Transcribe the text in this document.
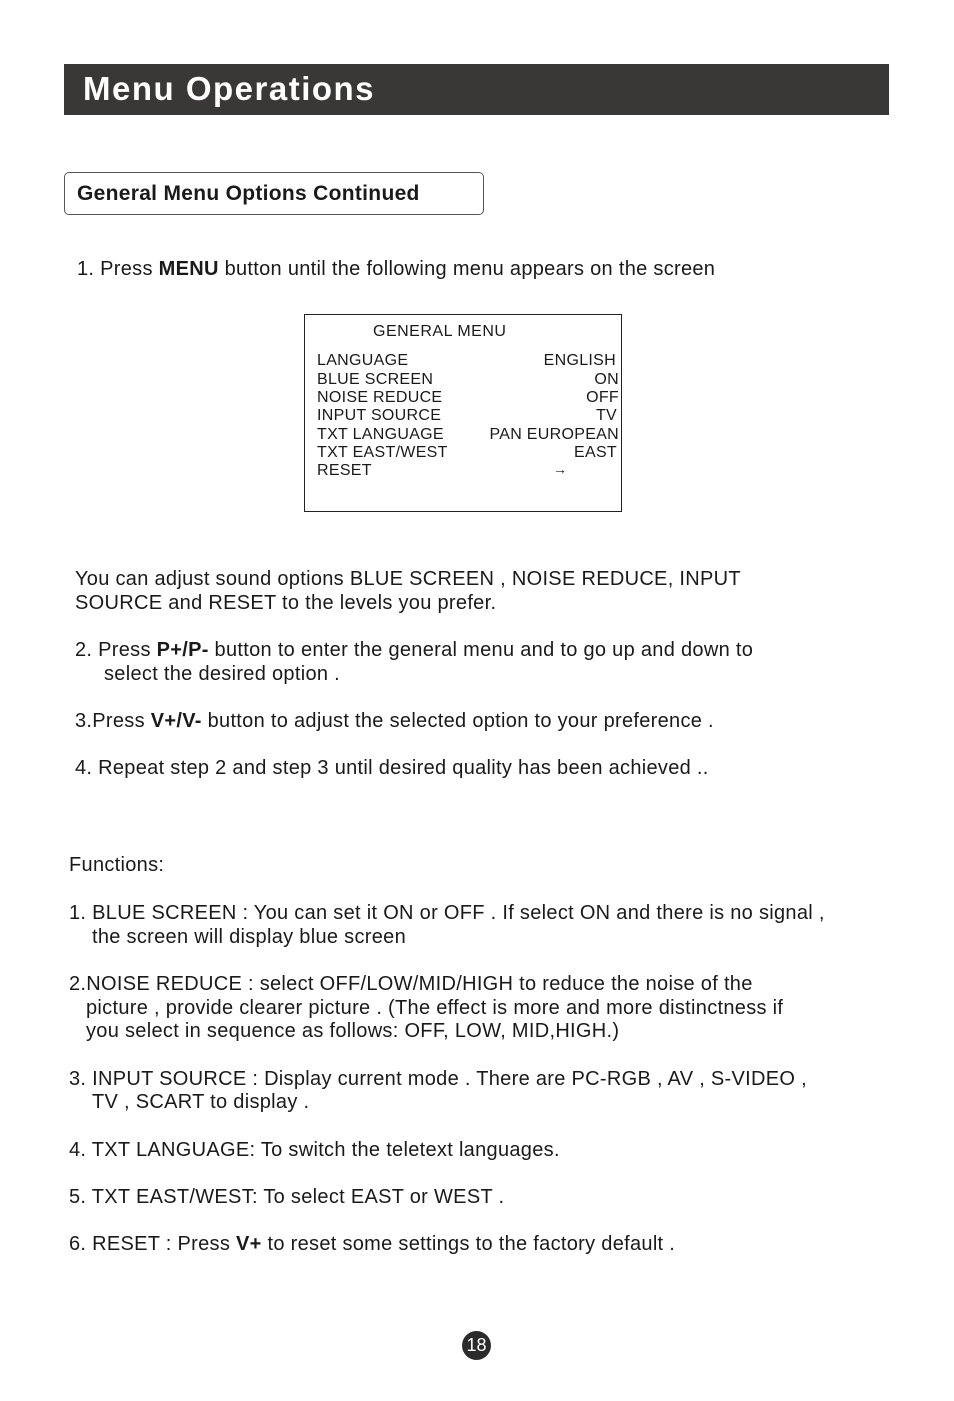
Menu Operations
General Menu Options Continued
1. Press MENU button until the following menu appears on the screen
GENERAL MENU
LANGUAGE	ENGLISH
BLUE SCREEN	ON
NOISE REDUCE	OFF
INPUT SOURCE	TV
TXT LANGUAGE	PAN EUROPEAN
TXT EAST/WEST	EAST
RESET	→
You can adjust sound options BLUE SCREEN , NOISE REDUCE, INPUT
SOURCE and RESET to the levels you prefer.
2. Press P+/P- button to enter the general menu and to go up and down to
select the desired option .
3.Press V+/V- button to adjust the selected option to your preference .
4. Repeat step 2 and step 3 until desired quality has been achieved ..
Functions:
1. BLUE SCREEN : You can set it ON or OFF . If select ON and there is no signal ,
the screen will display blue screen
2.NOISE REDUCE : select OFF/LOW/MID/HIGH to reduce the noise of the
picture , provide clearer picture . (The effect is more and more distinctness if
you select in sequence as follows: OFF, LOW, MID,HIGH.)
3. INPUT SOURCE : Display current mode . There are PC-RGB , AV , S-VIDEO ,
TV , SCART to display .
4. TXT LANGUAGE: To switch the teletext languages.
5. TXT EAST/WEST: To select EAST or WEST .
6. RESET : Press V+ to reset some settings to the factory default .
18
